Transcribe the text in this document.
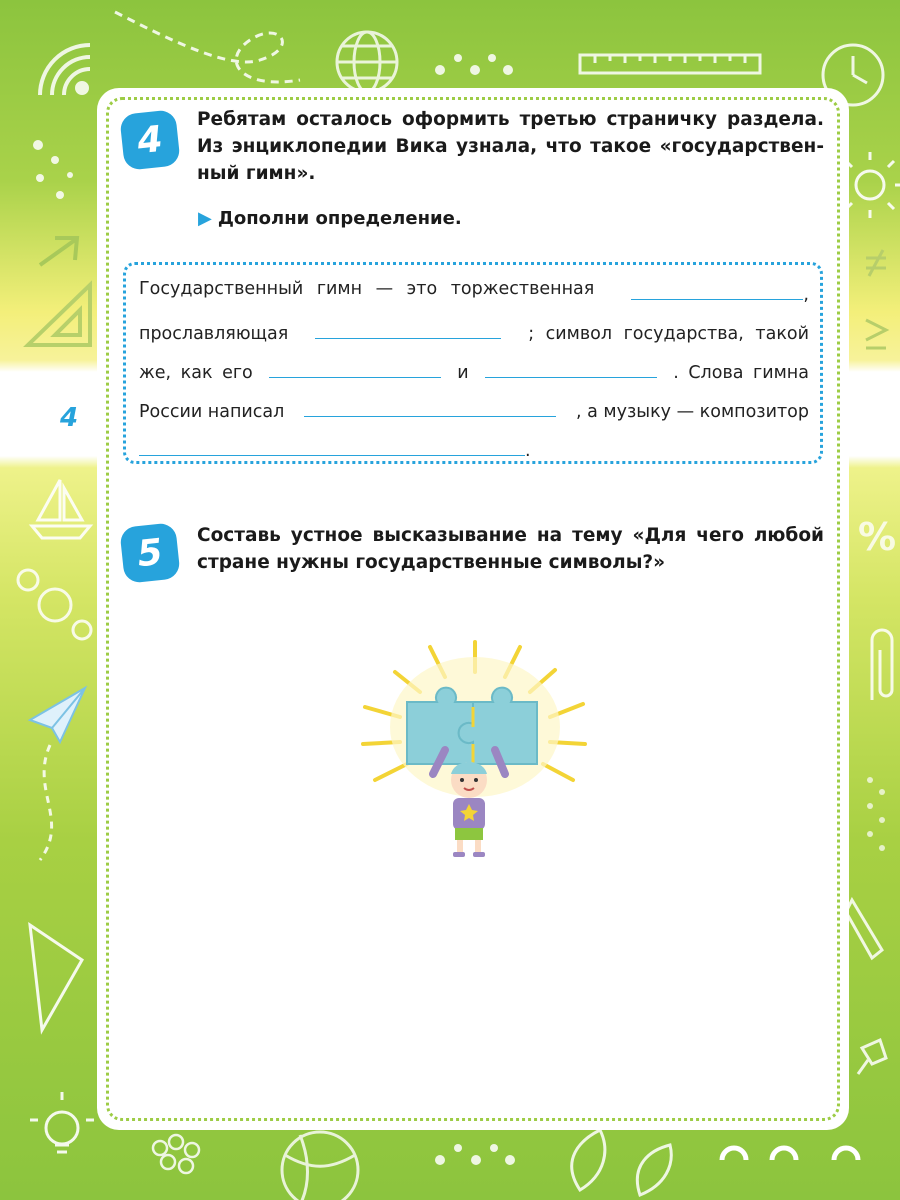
%
4
4	Ребятам осталось оформить третью страничку раздела.
Из энциклопедии Вика узнала, что такое «государствен-
ный гимн».
▶ Дополни определение.
Государственный гимн — это торжественная	,
прославляющая	; символ государства, такой
же, как его	и	. Слова гимна
России написал	, а музыку — композитор
.
5	Составь устное высказывание на тему «Для чего любой
стране нужны государственные символы?»
